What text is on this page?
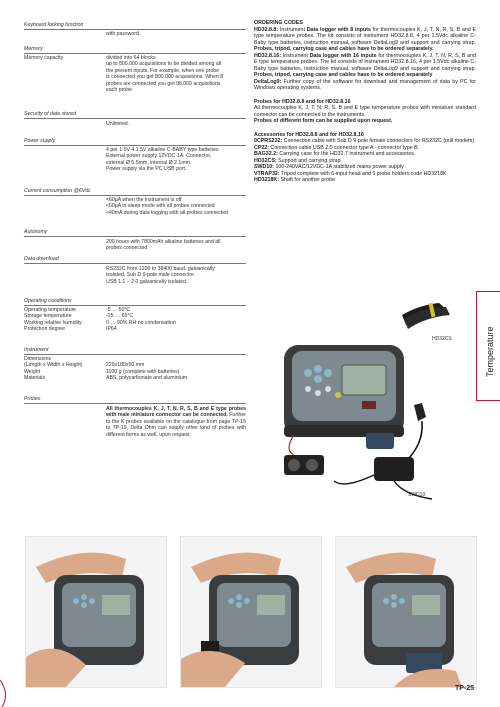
Keyboard locking function
with password.
Memory
Memory capacity	divided into 64 blocks
up to 800.000 acquisitions to be divided among all
the present inputs. For example, when one probe
is connected you get 800.000 acquisitions. When 8
probes are connected you get 96.000 acquisitions
each probe.
Security of data stored
Unlimited.
Power supply
4 per 1.5V 4 1.5V alkaline C-BABY type batteries
External power supply 12VDC-1A. Connector,
external Ø 5.5mm, internal Ø 2.1mm.
Power supply via the PC USB port.
Current consumption @6Vdc
<60µA when the instrument is off
<60µA in sleep mode with all probes connected
<40mA during data logging with all probes connected
Autonomy
200 hours with 7800mAh alkaline batteries and all
probes connected
Data download
RS232C from 1200 to 38400 baud, galvanically
isolated. Sub D 9-pole male connector.
USB 1.1 – 2.0 galvanically isolated.
Operating conditions
Operating temperature
Storage temperature
Working relative humidity
Protection degree
-5 … 50°C
-25 … 65°C
0 … 90% RH no condensation
IP64
Instrument
Dimensions
(Length x Width x Height)
Weight
Materials
220x180x50 mm
1100 g (complete with batteries)
ABS, polycarbonate and aluminium
Probes
All thermocouples K, J, T, N, R, S, B and E type probes with male miniature connector can be connected. Further to the K probes available on the catalogue from page TP-15 to TP-19, Delta Ohm can supply other kind of probes with different forms as well, upon request.
ORDERING CODES
HD32.8.8: Instrument Data logger with 8 inputs for thermocouples K, J, T, N, R, S, B and E type temperature probes. The kit consists of instrument HD32.8.8, 4 per 1.5Vdc alkaline C-Baby type batteries, instruction manual, software DeltaLog9 and support and carrying strap. Probes, tripod, carrying case and cables have to be ordered separately.
HD32.8.16: Instrument Data logger with 16 inputs for thermocouples K, J, T, N, R, S, B and E type temperature probes. The kit consists of instrument HD32.8.16, 4 per 1.5Vdc alkaline C-Baby type batteries, instruction manual, software DeltaLog9 and support and carrying strap. Probes, tripod, carrying case and cables have to be ordered separately
DeltaLog9: Further copy of the software for download and management of data by PC for Windows operating systems.
Probes for HD32.8.8 and for HD32.8.16
All thermocouples K, J, T, N, R, S, B and E type temperature probes with miniature standard connector can be connected to the instruments.
Probes of different form can be supplied upon request.
Accessories for HD32.8.8 and for HD32.8.16
9CPRS232: Connection cable with Sub D 9-pole female connectors for RS232C (null modem)
CP22: Connection cable USB 2.0 connector type A - connector type B.
BAG32.2: Carrying case for the HD32.7 instrument and accessories.
HD32CS: Support and carrying strap
SWD10: 100-240VAC/12VDC-1A stabilized mains power supply
VTRAP32: Tripod complete with 6-input head and 5 probe holders code HD3218K
HD3218K: Shaft for another probe
Temperature
HD32CS
SWD10
TP-25
